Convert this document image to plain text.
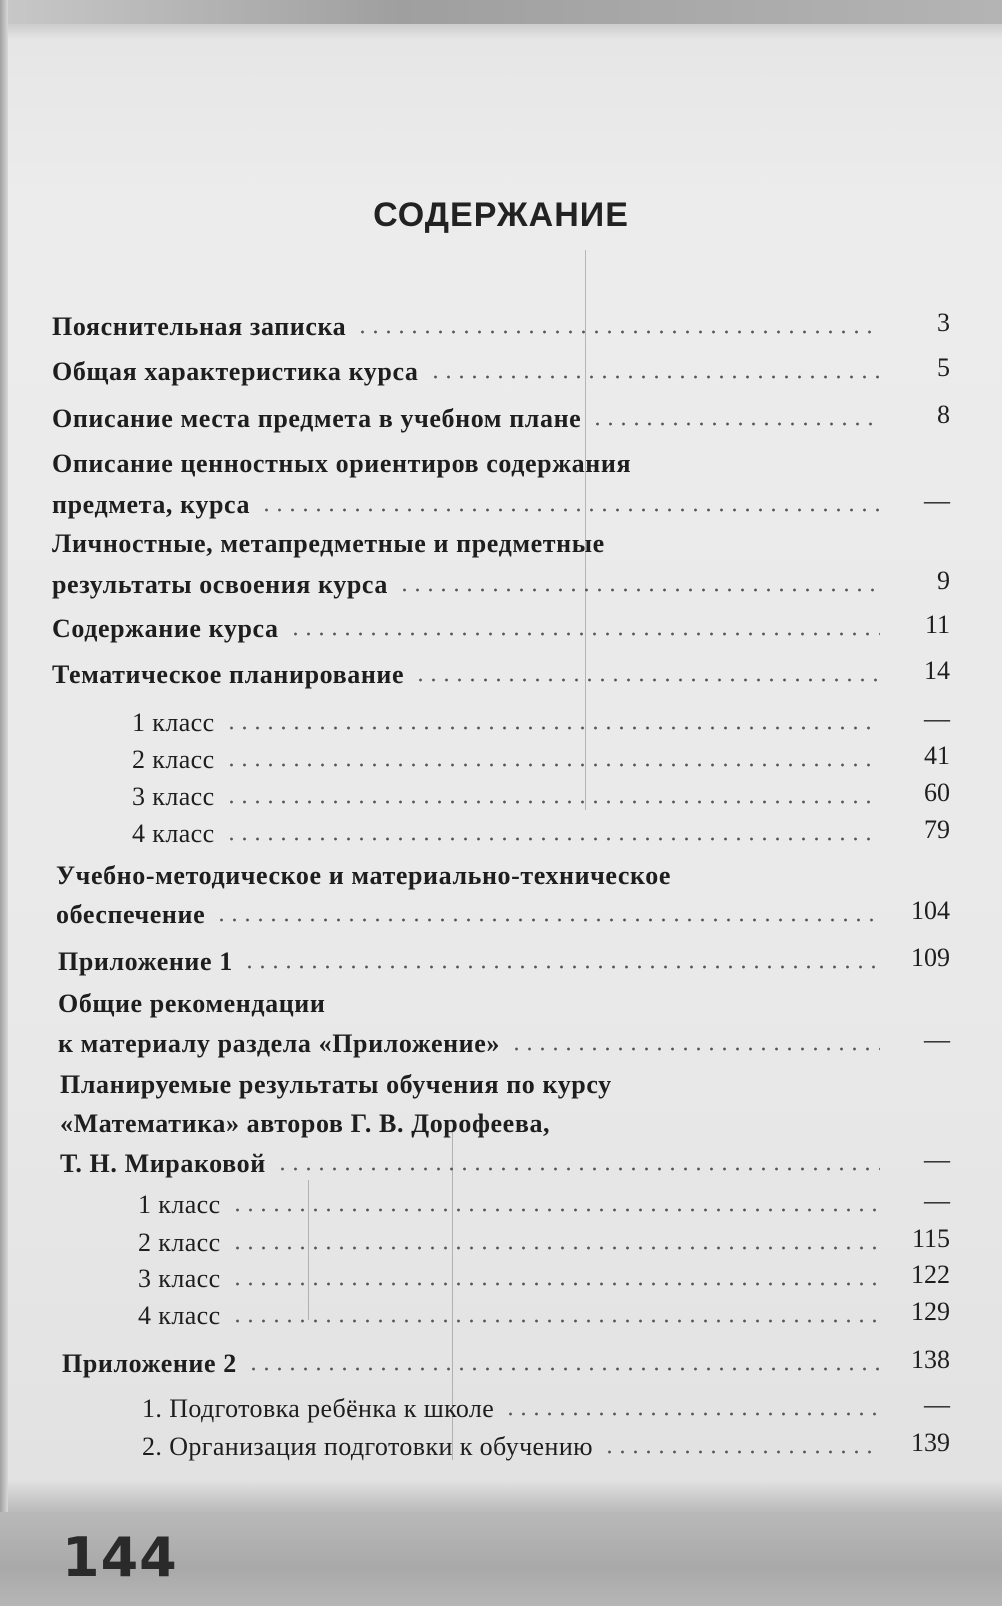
СОДЕРЖАНИЕ
Пояснительная записка	3
Общая характеристика курса	5
Описание места предмета в учебном плане	8
Описание ценностных ориентиров содержания
предмета, курса	—
Личностные, метапредметные и предметные
результаты освоения курса	9
Содержание курса	11
Тематическое планирование	14
1 класс	—
2 класс	41
3 класс	60
4 класс	79
Учебно-методическое и материально-техническое
обеспечение	104
Приложение 1	109
Общие рекомендации
к материалу раздела «Приложение»	—
Планируемые результаты обучения по курсу
«Математика» авторов Г. В. Дорофеева,
Т. Н. Мираковой	—
1 класс	—
2 класс	115
3 класс	122
4 класс	129
Приложение 2	138
1. Подготовка ребёнка к школе	—
2. Организация подготовки к обучению	139
144
